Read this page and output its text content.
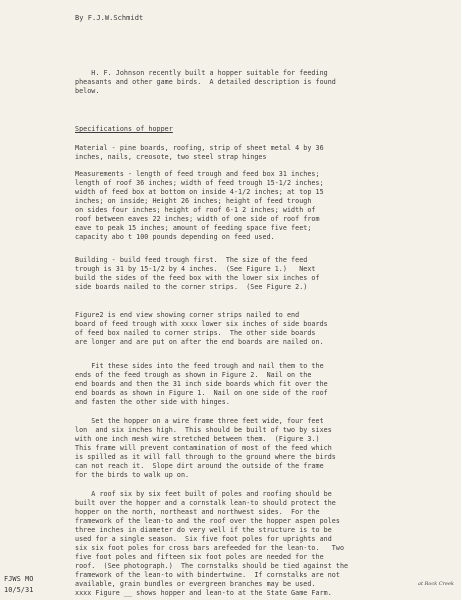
By F.J.W.Schmidt
H. F. Johnson recently built a hopper suitable for feeding
pheasants and other game birds.  A detailed description is found
below.
Specifications of hopper
Material - pine boards, roofing, strip of sheet metal 4 by 36
inches, nails, creosote, two steel strap hinges
Measurements - length of feed trough and feed box 31 inches;
length of roof 36 inches; width of feed trough 15-1/2 inches;
width of feed box at bottom on inside 4-1/2 inches; at top 15
inches; on inside; Height 26 inches; height of feed trough
on sides four inches; height of roof 6-1 2 inches; width of
roof between eaves 22 inches; width of one side of roof from
eave to peak 15 inches; amount of feeding space five feet;
capacity abo t 100 pounds depending on feed used.
Building - build feed trough first.  The size of the feed
trough is 31 by 15-1/2 by 4 inches.  (See Figure 1.)   Next
build the sides of the feed box with the lower six inches of
side boards nailed to the corner strips.  (See Figure 2.)
Figure2 is end view showing corner strips nailed to end
board of feed trough with xxxx lower six inches of side boards
of feed box nailed to corner strips.  The other side boards
are longer and are put on after the end boards are nailed on.
Fit these sides into the feed trough and nail them to the
ends of the feed trough as shown in Figure 2.  Nail on the
end boards and then the 31 inch side boards which fit over the
end boards as shown in Figure 1.  Nail on one side of the roof
and fasten the other side with hinges.
Set the hopper on a wire frame three feet wide, four feet
lon  and six inches high.  This should be built of two by sixes
with one inch mesh wire stretched between them.  (Figure 3.)
This frame will prevent contamination of most of the feed which
is spilled as it will fall through to the ground where the birds
can not reach it.  Slope dirt around the outside of the frame
for the birds to walk up on.
A roof six by six feet built of poles and roofing should be
built over the hopper and a cornstalk lean-to should protect the
hopper on the north, northeast and northwest sides.  For the
framework of the lean-to and the roof over the hopper aspen poles
three inches in diameter do very well if the structure is to be
used for a single season.  Six five foot poles for uprights and
six six foot poles for cross bars arefeeded for the lean-to.   Two
five foot poles and fifteen six foot poles are needed for the
roof.  (See photograph.)  The cornstalks should be tied against the
framework of the lean-to with bindertwine.  If cornstalks are not
available, grain bundles or evergreen branches may be used.
xxxx Figure __ shows hopper and lean-to at the State Game Farm.
FJWS MO
10/5/31
at Rock Creek
